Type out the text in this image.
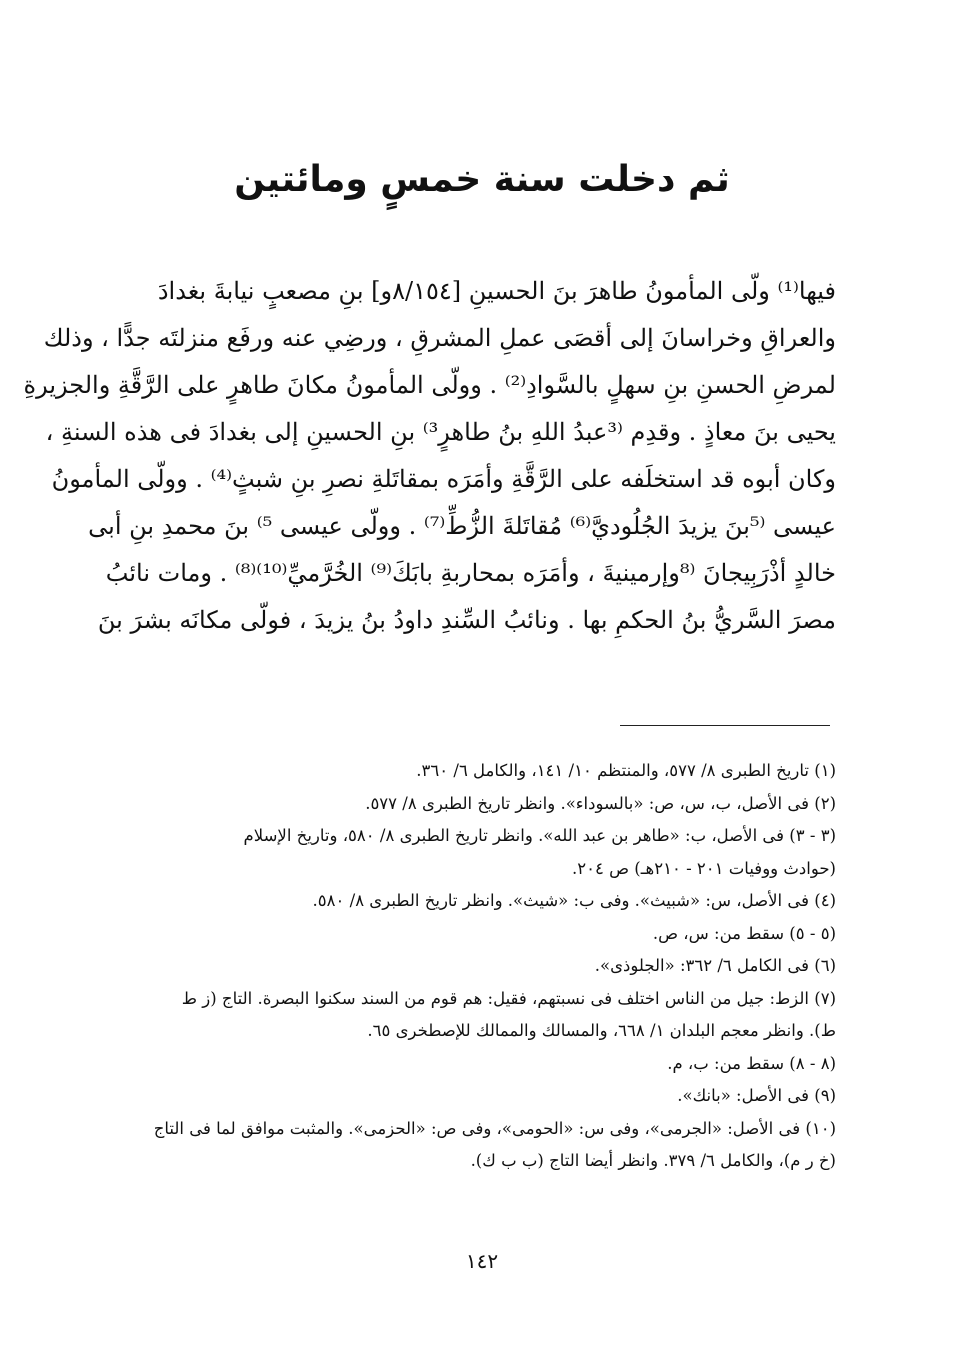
ثم دخلت سنة خمسٍ ومائتين
فيها⁽¹⁾ ولّى المأمونُ طاهرَ بنَ الحسينِ [٨/١٥٤و] بنِ مصعبٍ نيابةَ بغدادَ
والعراقِ وخراسانَ إلى أقصَى عملِ المشرقِ ، ورضِي عنه ورفَع منزلتَه جدًّا ، وذلك
لمرضِ الحسنِ بنِ سهلٍ بالسَّوادِ⁽²⁾ . وولّى المأمونُ مكانَ طاهرٍ على الرَّقَّةِ والجزيرةِ
يحيى بنَ معاذٍ . وقدِم ⁽³عبدُ اللهِ بنُ طاهرٍ³⁾ بنِ الحسينِ إلى بغدادَ فى هذه السنةِ ،
وكان أبوه قد استخلَفه على الرَّقَّةِ وأمَرَه بمقاتَلةِ نصرِ بنِ شبثٍ⁽⁴⁾ . وولّى المأمونُ
عيسى ⁽⁵بنَ يزيدَ الجُلُوديَّ⁽⁶⁾ مُقاتَلةَ الزُّطِّ⁽⁷⁾ . وولّى عيسى ⁵⁾ بنَ محمدِ بنِ أبى
خالدٍ أذْرَبِيجانَ ⁽⁸وإرمينيةَ ، وأمَرَه بمحاربةِ بابَكَ⁽⁹⁾ الخُرَّميِّ⁽¹⁰⁾⁽⁸⁾ . ومات نائبُ
مصرَ السَّريُّ بنُ الحكمِ بها . ونائبُ السِّندِ داودُ بنُ يزيدَ ، فولّى مكانَه بشرَ بنَ
(١) تاريخ الطبرى ٨/ ٥٧٧، والمنتظم ١٠/ ١٤١، والكامل ٦/ ٣٦٠.
(٢) فى الأصل، ب، س، ص: «بالسوداء». وانظر تاريخ الطبرى ٨/ ٥٧٧.
(٣ - ٣) فى الأصل، ب: «طاهر بن عبد الله». وانظر تاريخ الطبرى ٨/ ٥٨٠، وتاريخ الإسلام
(حوادث ووفيات ٢٠١ - ٢١٠هـ) ص ٢٠٤.
(٤) فى الأصل، س: «شبيث». وفى ب: «شيث». وانظر تاريخ الطبرى ٨/ ٥٨٠.
(٥ - ٥) سقط من: س، ص.
(٦) فى الكامل ٦/ ٣٦٢: «الجلوذى».
(٧) الزط: جيل من الناس اختلف فى نسبتهم، فقيل: هم قوم من السند سكنوا البصرة. التاج (ز ط
ط). وانظر معجم البلدان ١/ ٦٦٨، والمسالك والممالك للإصطخرى ٦٥.
(٨ - ٨) سقط من: ب، م.
(٩) فى الأصل: «بانك».
(١٠) فى الأصل: «الجرمى»، وفى س: «الحومى»، وفى ص: «الحزمى». والمثبت موافق لما فى التاج
(خ ر م)، والكامل ٦/ ٣٧٩. وانظر أيضا التاج (ب ب ك).
١٤٢
